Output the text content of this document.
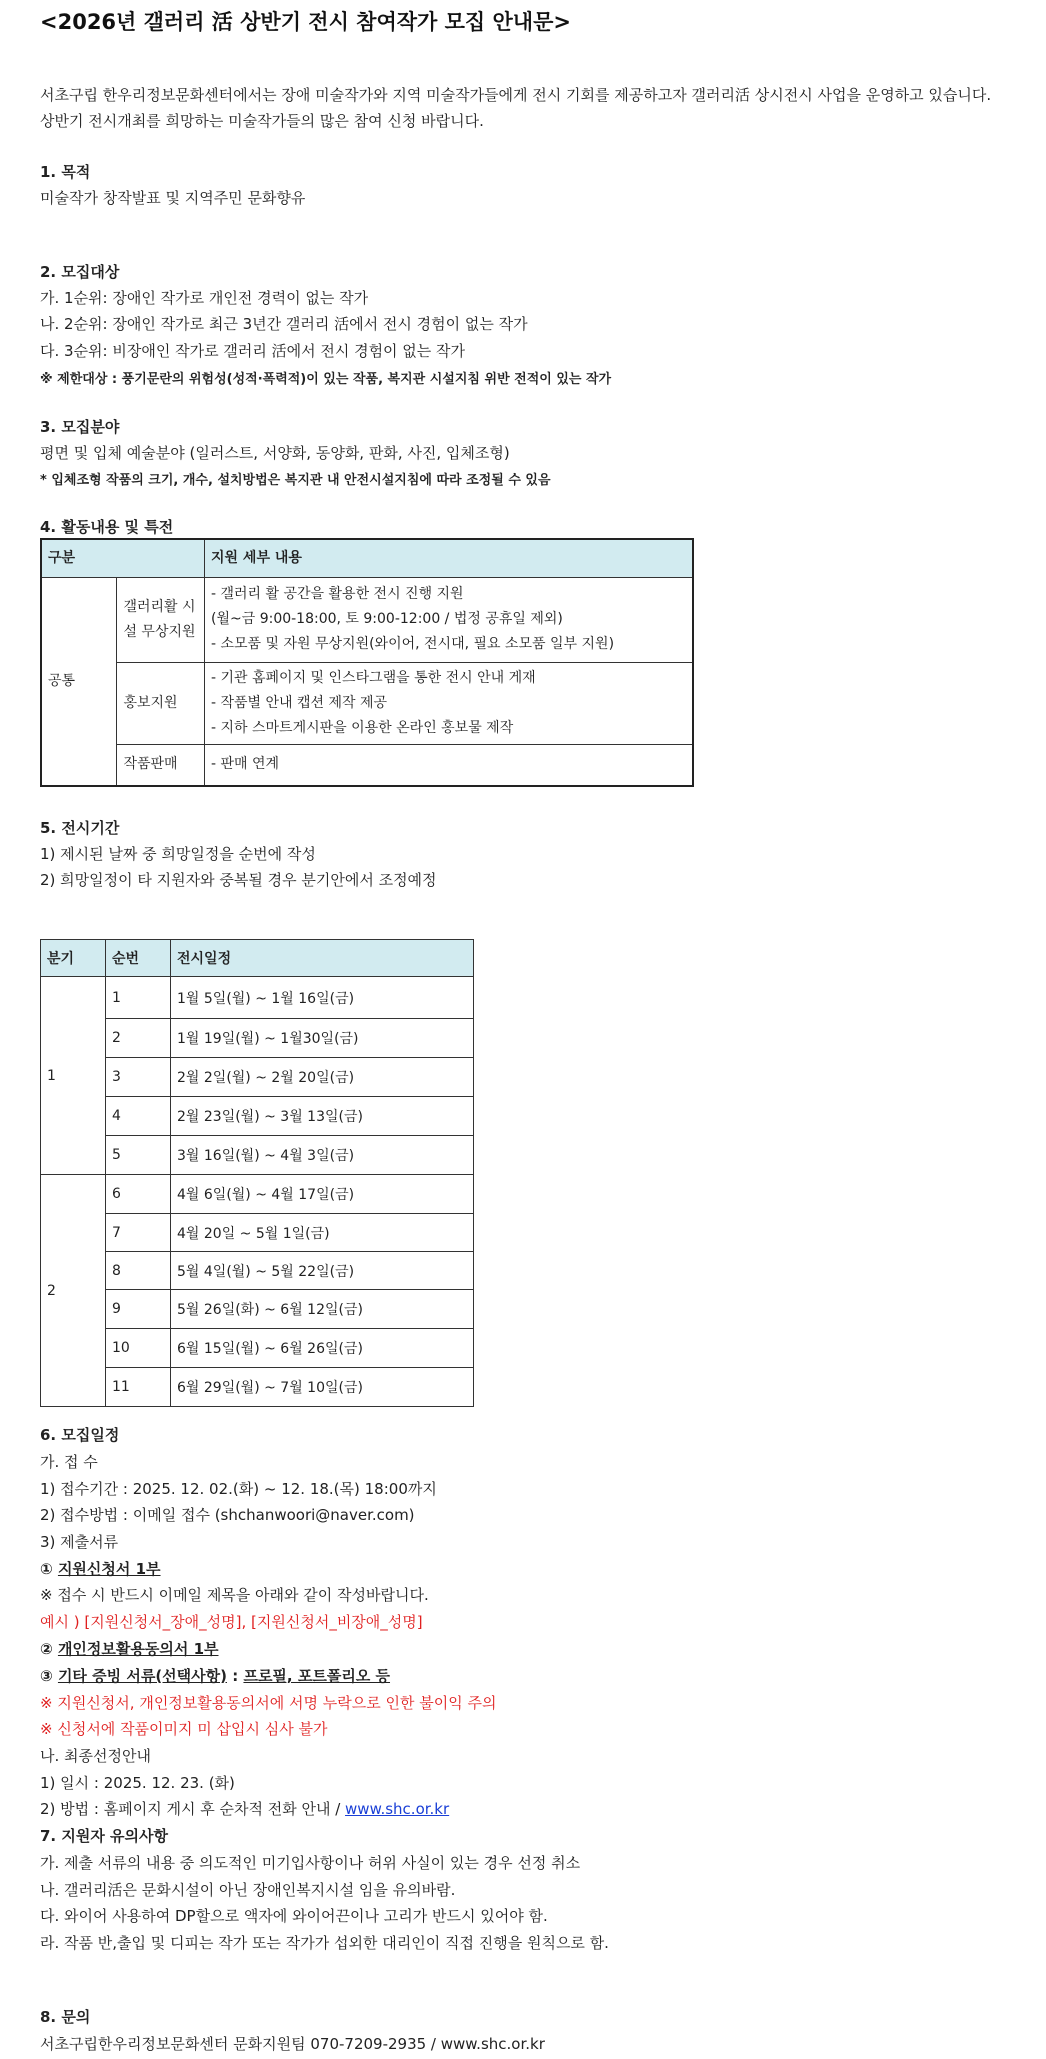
<2026년 갤러리 活 상반기 전시 참여작가 모집 안내문>
서초구립 한우리정보문화센터에서는 장애 미술작가와 지역 미술작가들에게 전시 기회를 제공하고자 갤러리活 상시전시 사업을 운영하고 있습니다.
상반기 전시개최를 희망하는 미술작가들의 많은 참여 신청 바랍니다.
1. 목적
미술작가 창작발표 및 지역주민 문화향유
2. 모집대상
가. 1순위: 장애인 작가로 개인전 경력이 없는 작가
나. 2순위: 장애인 작가로 최근 3년간 갤러리 活에서 전시 경험이 없는 작가
다. 3순위: 비장애인 작가로 갤러리 活에서 전시 경험이 없는 작가
※ 제한대상 : 풍기문란의 위험성(성적·폭력적)이 있는 작품, 복지관 시설지침 위반 전적이 있는 작가
3. 모집분야
평면 및 입체 예술분야 (일러스트, 서양화, 동양화, 판화, 사진, 입체조형)
* 입체조형 작품의 크기, 개수, 설치방법은 복지관 내 안전시설지침에 따라 조정될 수 있음
4. 활동내용 및 특전
구분		지원 세부 내용
공통	갤러리활 시설 무상지원	- 갤러리 활 공간을 활용한 전시 진행 지원
(월~금 9:00-18:00, 토 9:00-12:00 / 법정 공휴일 제외)
- 소모품 및 자원 무상지원(와이어, 전시대, 필요 소모품 일부 지원)

	홍보지원	- 기관 홈페이지 및 인스타그램을 통한 전시 안내 게재
- 작품별 안내 캡션 제작 제공
- 지하 스마트게시판을 이용한 온라인 홍보물 제작

	작품판매	- 판매 연계
5. 전시기간
1) 제시된 날짜 중 희망일정을 순번에 작성
2) 희망일정이 타 지원자와 중복될 경우 분기안에서 조정예정
분기	순번	전시일정
1	1	1월 5일(월) ~ 1월 16일(금)
	2	1월 19일(월) ~ 1월30일(금)
	3	2월 2일(월) ~ 2월 20일(금)
	4	2월 23일(월) ~ 3월 13일(금)
	5	3월 16일(월) ~ 4월 3일(금)
2	6	4월 6일(월) ~ 4월 17일(금)
	7	4월 20일 ~ 5월 1일(금)
	8	5월 4일(월) ~ 5월 22일(금)
	9	5월 26일(화) ~ 6월 12일(금)
	10	6월 15일(월) ~ 6월 26일(금)
	11	6월 29일(월) ~ 7월 10일(금)
6. 모집일정
가. 접 수
1) 접수기간 : 2025. 12. 02.(화) ~ 12. 18.(목) 18:00까지
2) 접수방법 : 이메일 접수 (shchanwoori@naver.com)
3) 제출서류
① 지원신청서 1부
※ 접수 시 반드시 이메일 제목을 아래와 같이 작성바랍니다.
예시 ) [지원신청서_장애_성명], [지원신청서_비장애_성명]
② 개인정보활용동의서 1부
③ 기타 증빙 서류(선택사항) : 프로필, 포트폴리오 등
※ 지원신청서, 개인정보활용동의서에 서명 누락으로 인한 불이익 주의
※ 신청서에 작품이미지 미 삽입시 심사 불가
나. 최종선정안내
1) 일시 : 2025. 12. 23. (화)
2) 방법 : 홈페이지 게시 후 순차적 전화 안내 / www.shc.or.kr
7. 지원자 유의사항
가. 제출 서류의 내용 중 의도적인 미기입사항이나 허위 사실이 있는 경우 선정 취소
나. 갤러리活은 문화시설이 아닌 장애인복지시설 임을 유의바람.
다. 와이어 사용하여 DP할으로 액자에 와이어끈이나 고리가 반드시 있어야 함.
라. 작품 반,출입 및 디피는 작가 또는 작가가 섭외한 대리인이 직접 진행을 원칙으로 함.
8. 문의
서초구립한우리정보문화센터 문화지원팀 070-7209-2935 / www.shc.or.kr
